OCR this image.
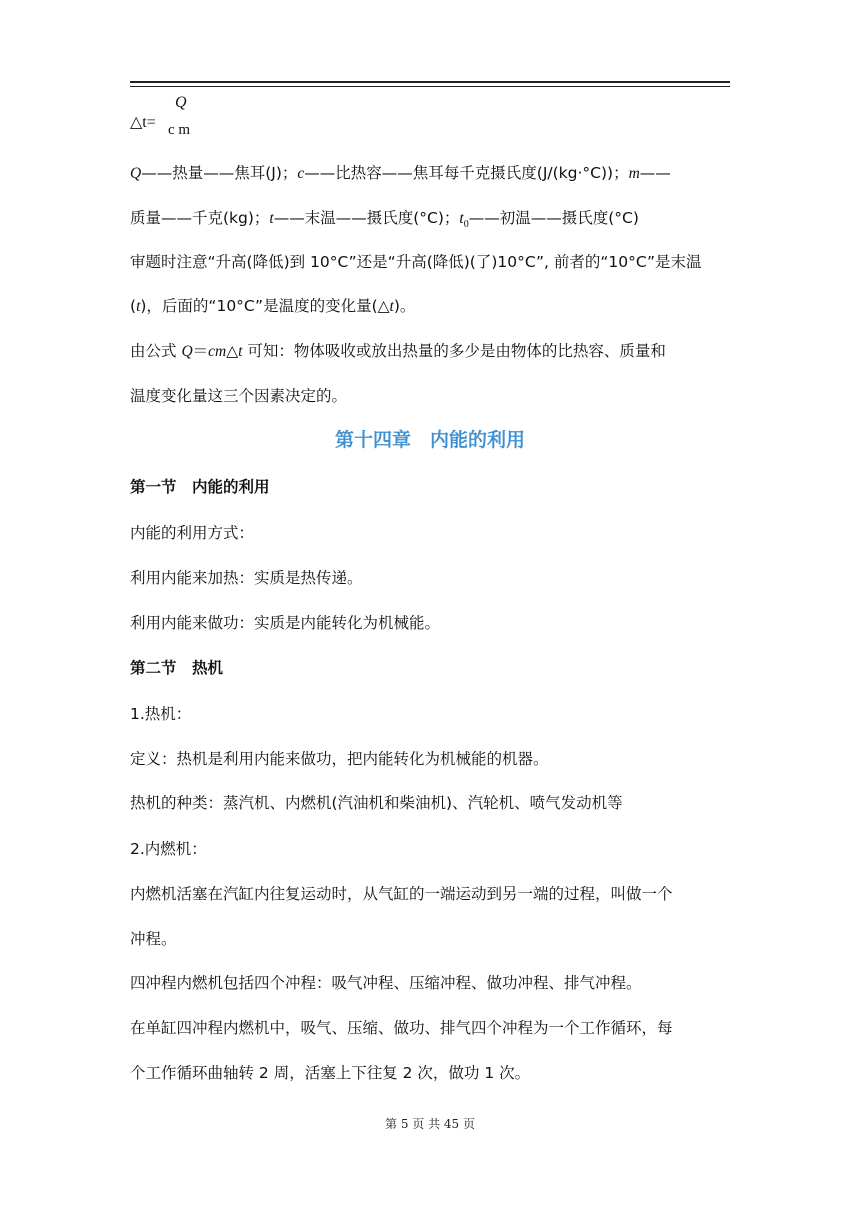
△t=
Q
c m
Q——热量——焦耳(J)；c——比热容——焦耳每千克摄氏度(J/(kg·°C))；m——
质量——千克(kg)；t——末温——摄氏度(°C)；$t_0——$初温——摄氏度(°C)
审题时注意“升高(降低)到 10°C”还是“升高(降低)(了)10°C”, 前者的“10°C”是末温
(t)，后面的“10°C”是温度的变化量(△t)。
由公式 Q＝cm△t 可知：物体吸收或放出热量的多少是由物体的比热容、质量和
温度变化量这三个因素决定的。
第十四章　内能的利用
第一节　内能的利用
内能的利用方式：
利用内能来加热：实质是热传递。
利用内能来做功：实质是内能转化为机械能。
第二节　热机
1.热机：
定义：热机是利用内能来做功，把内能转化为机械能的机器。
热机的种类：蒸汽机、内燃机(汽油机和柴油机)、汽轮机、喷气发动机等
2.内燃机：
内燃机活塞在汽缸内往复运动时，从气缸的一端运动到另一端的过程，叫做一个
冲程。
四冲程内燃机包括四个冲程：吸气冲程、压缩冲程、做功冲程、排气冲程。
在单缸四冲程内燃机中，吸气、压缩、做功、排气四个冲程为一个工作循环，每
个工作循环曲轴转 2 周，活塞上下往复 2 次，做功 1 次。
第 5 页 共 45 页
